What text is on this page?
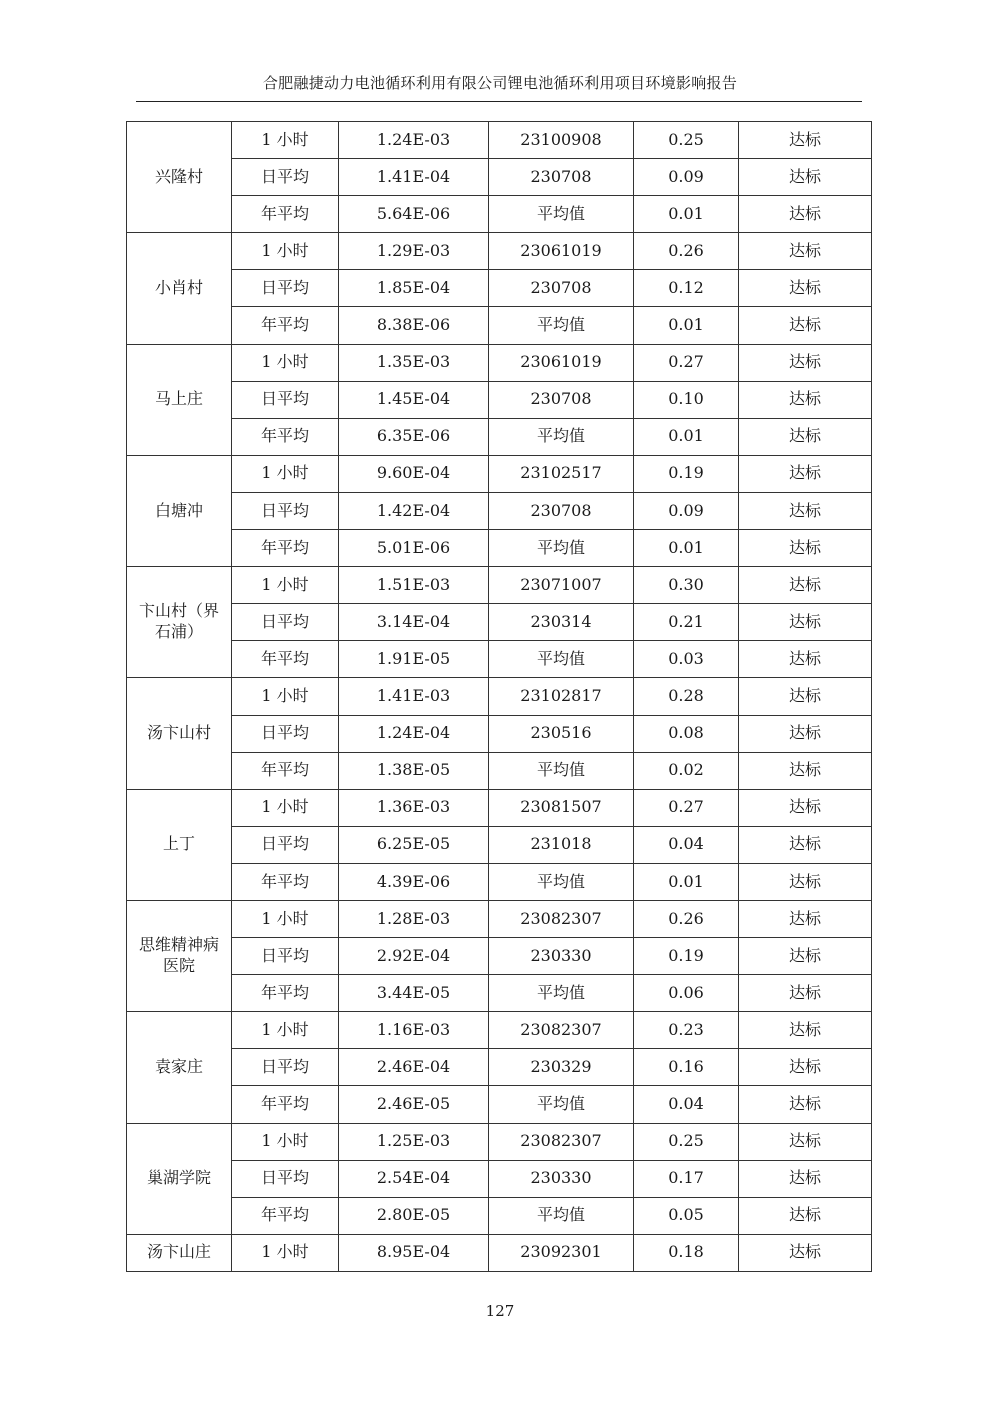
合肥融捷动力电池循环利用有限公司锂电池循环利用项目环境影响报告
兴隆村	1 小时	1.24E-03	23100908	0.25	达标
	日平均	1.41E-04	230708	0.09	达标
	年平均	5.64E-06	平均值	0.01	达标
小肖村	1 小时	1.29E-03	23061019	0.26	达标
	日平均	1.85E-04	230708	0.12	达标
	年平均	8.38E-06	平均值	0.01	达标
马上庄	1 小时	1.35E-03	23061019	0.27	达标
	日平均	1.45E-04	230708	0.10	达标
	年平均	6.35E-06	平均值	0.01	达标
白塘冲	1 小时	9.60E-04	23102517	0.19	达标
	日平均	1.42E-04	230708	0.09	达标
	年平均	5.01E-06	平均值	0.01	达标
卞山村（界石浦）	1 小时	1.51E-03	23071007	0.30	达标
	日平均	3.14E-04	230314	0.21	达标
	年平均	1.91E-05	平均值	0.03	达标
汤卞山村	1 小时	1.41E-03	23102817	0.28	达标
	日平均	1.24E-04	230516	0.08	达标
	年平均	1.38E-05	平均值	0.02	达标
上丁	1 小时	1.36E-03	23081507	0.27	达标
	日平均	6.25E-05	231018	0.04	达标
	年平均	4.39E-06	平均值	0.01	达标
思维精神病医院	1 小时	1.28E-03	23082307	0.26	达标
	日平均	2.92E-04	230330	0.19	达标
	年平均	3.44E-05	平均值	0.06	达标
袁家庄	1 小时	1.16E-03	23082307	0.23	达标
	日平均	2.46E-04	230329	0.16	达标
	年平均	2.46E-05	平均值	0.04	达标
巢湖学院	1 小时	1.25E-03	23082307	0.25	达标
	日平均	2.54E-04	230330	0.17	达标
	年平均	2.80E-05	平均值	0.05	达标
汤卞山庄	1 小时	8.95E-04	23092301	0.18	达标
127
